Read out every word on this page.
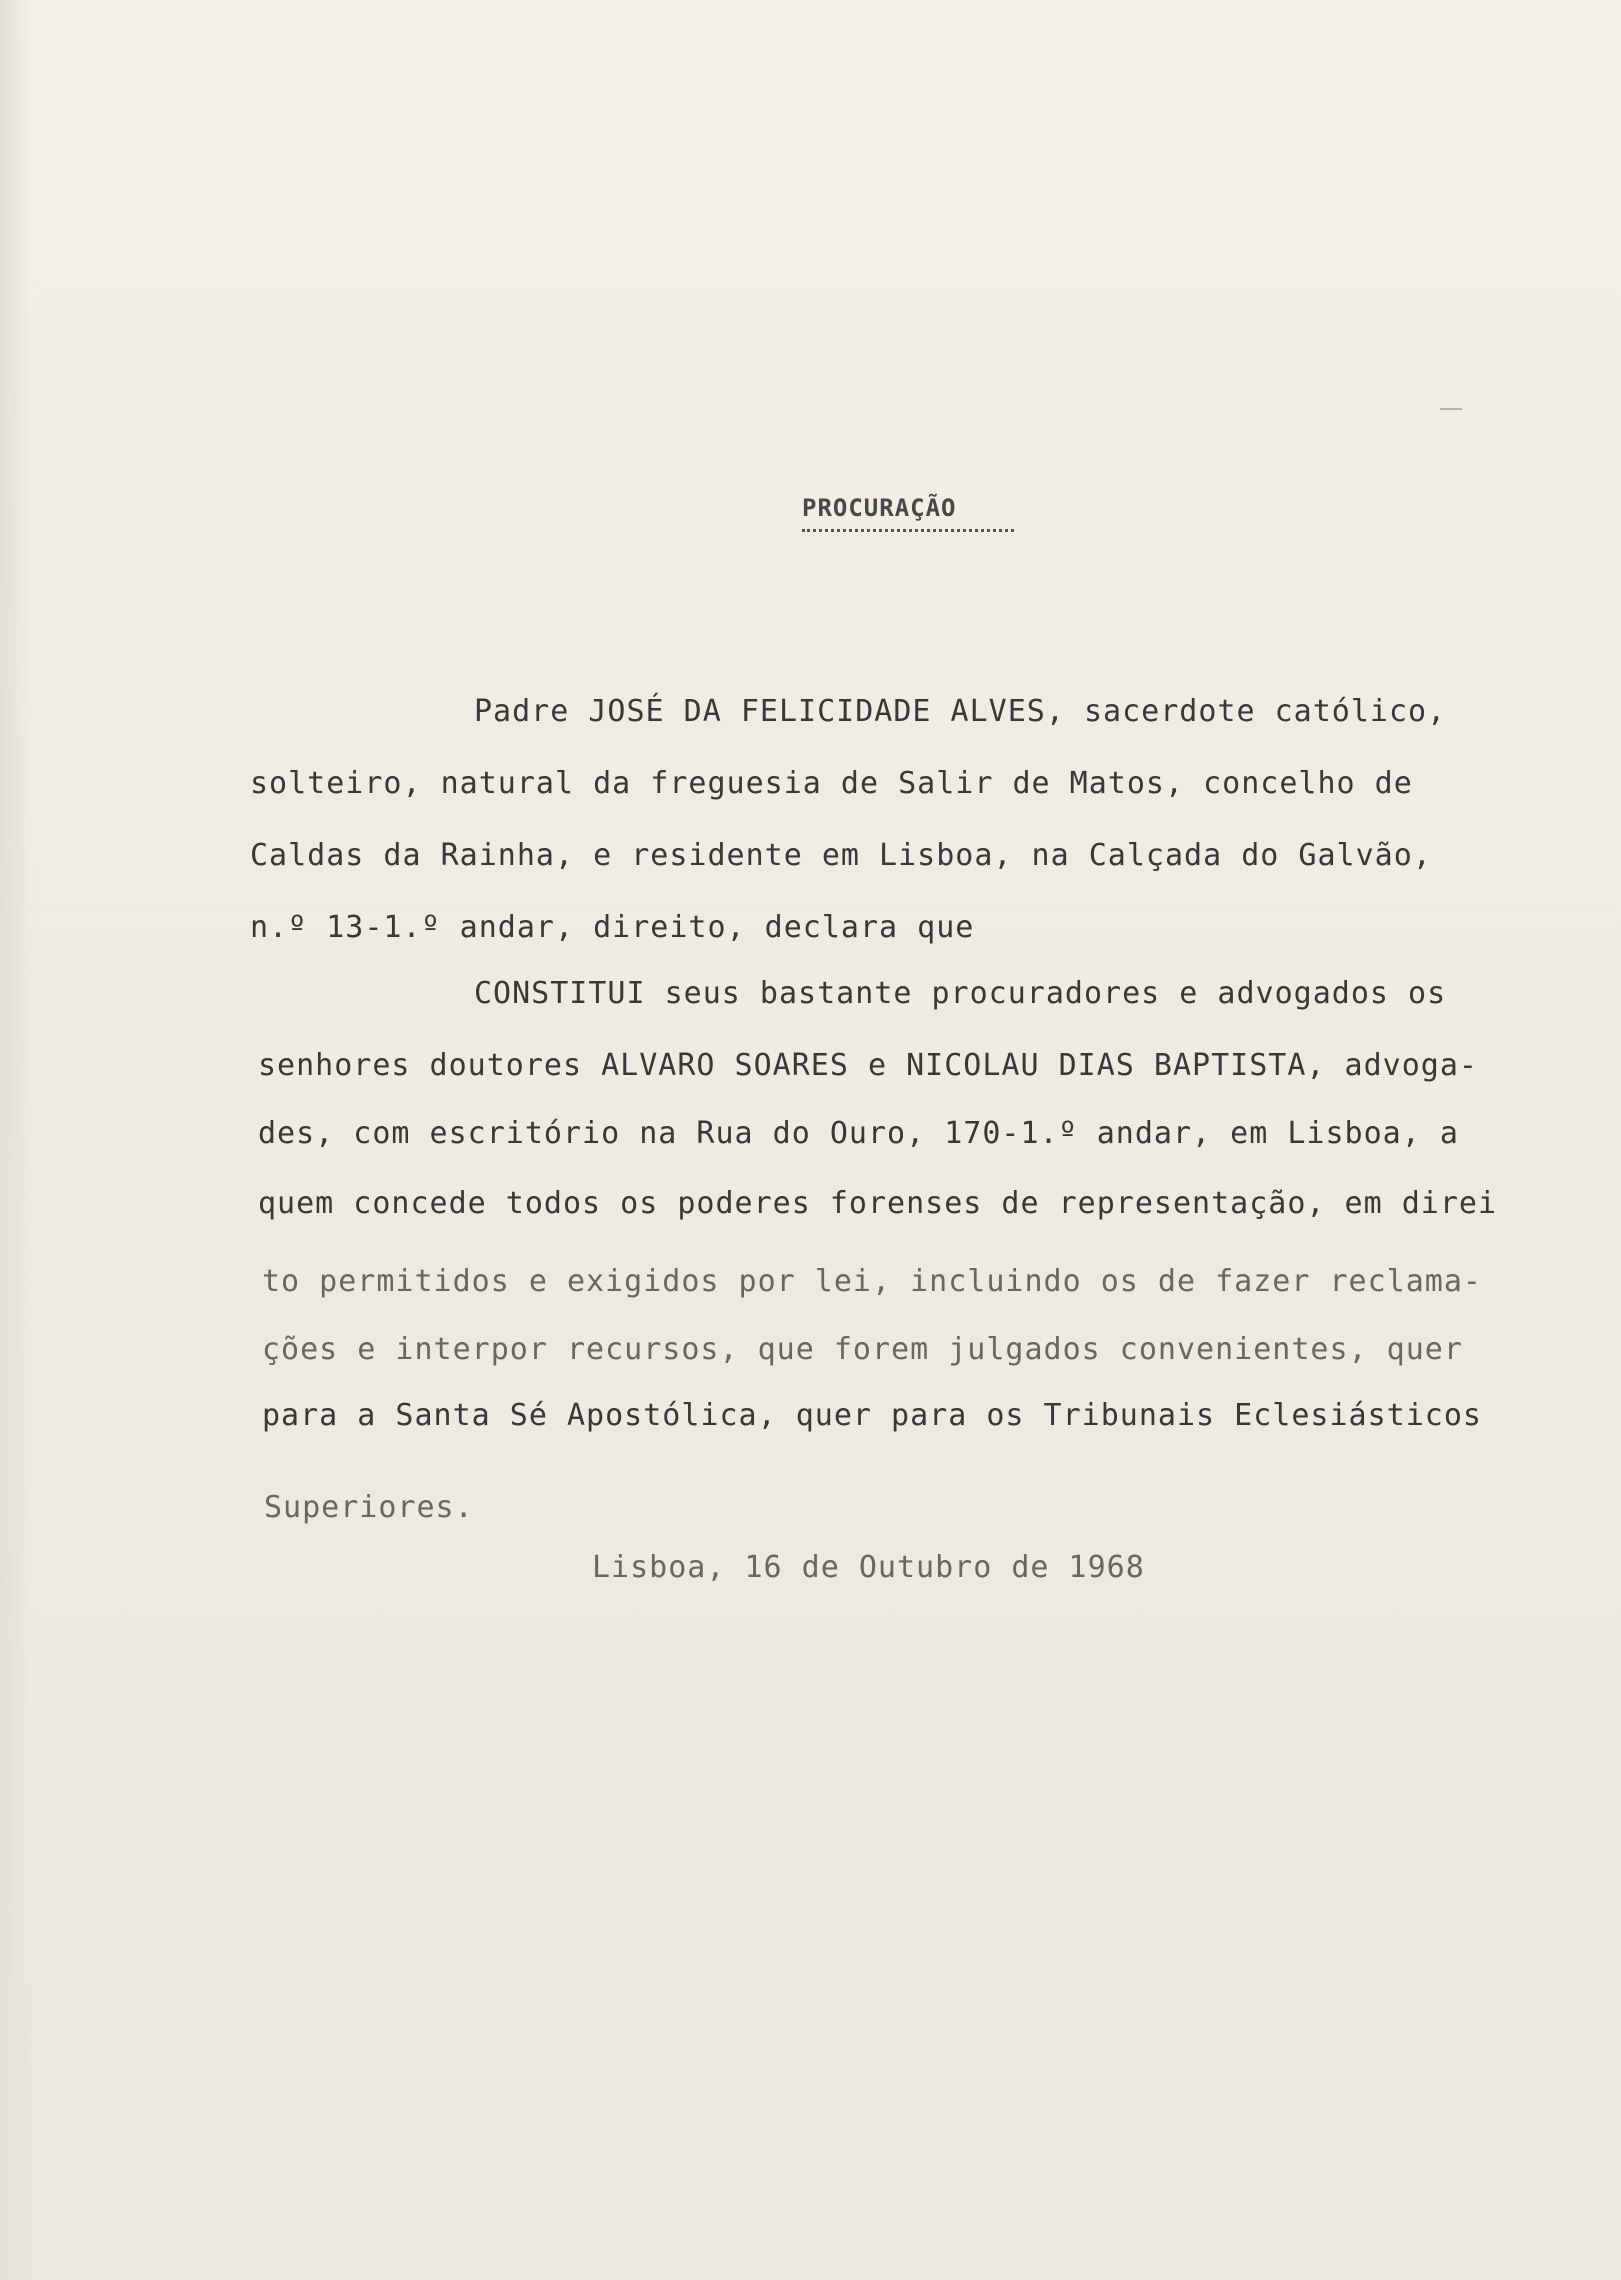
PROCURAÇÃO

Padre JOSÉ DA FELICIDADE ALVES, sacerdote católico,

solteiro, natural da freguesia de Salir de Matos, concelho de

Caldas da Rainha, e residente em Lisboa, na Calçada do Galvão,

n.º 13-1.º andar, direito, declara que

CONSTITUI seus bastante procuradores e advogados os

senhores doutores ALVARO SOARES e NICOLAU DIAS BAPTISTA, advoga-

des, com escritório na Rua do Ouro, 170-1.º andar, em Lisboa, a

quem concede todos os poderes forenses de representação, em direi

to permitidos e exigidos por lei, incluindo os de fazer reclama-

ções e interpor recursos, que forem julgados convenientes, quer

para a Santa Sé Apostólica, quer para os Tribunais Eclesiásticos

Superiores.

Lisboa, 16 de Outubro de 1968
